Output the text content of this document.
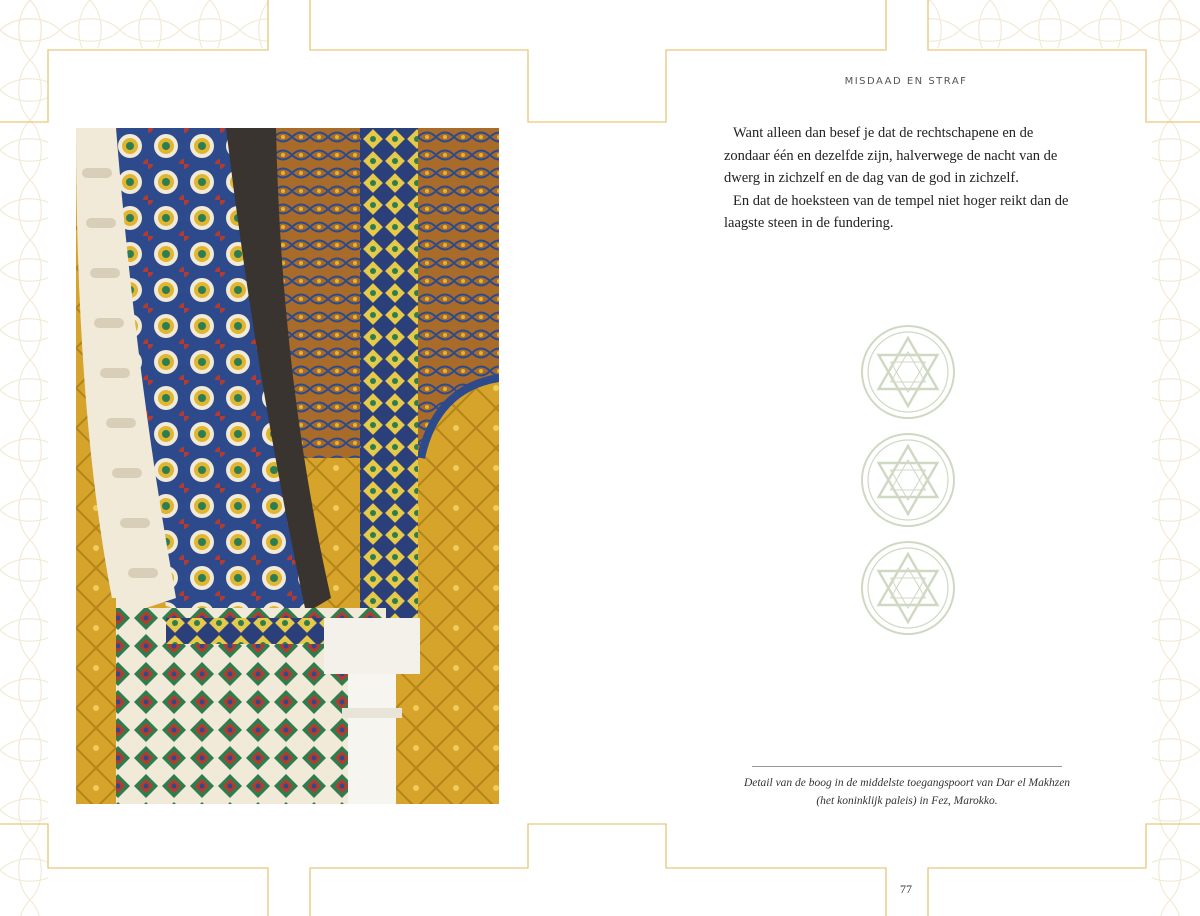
MISDAAD EN STRAF

Want alleen dan besef je dat de rechtschapene en de

zondaar één en dezelfde zijn, halverwege de nacht van de

dwerg in zichzelf en de dag van de god in zichzelf.

En dat de hoeksteen van de tempel niet hoger reikt dan de

laagste steen in de fundering.

Detail van de boog in de middelste toegangspoort van Dar el Makhzen
(het koninklijk paleis) in Fez, Marokko.
77
